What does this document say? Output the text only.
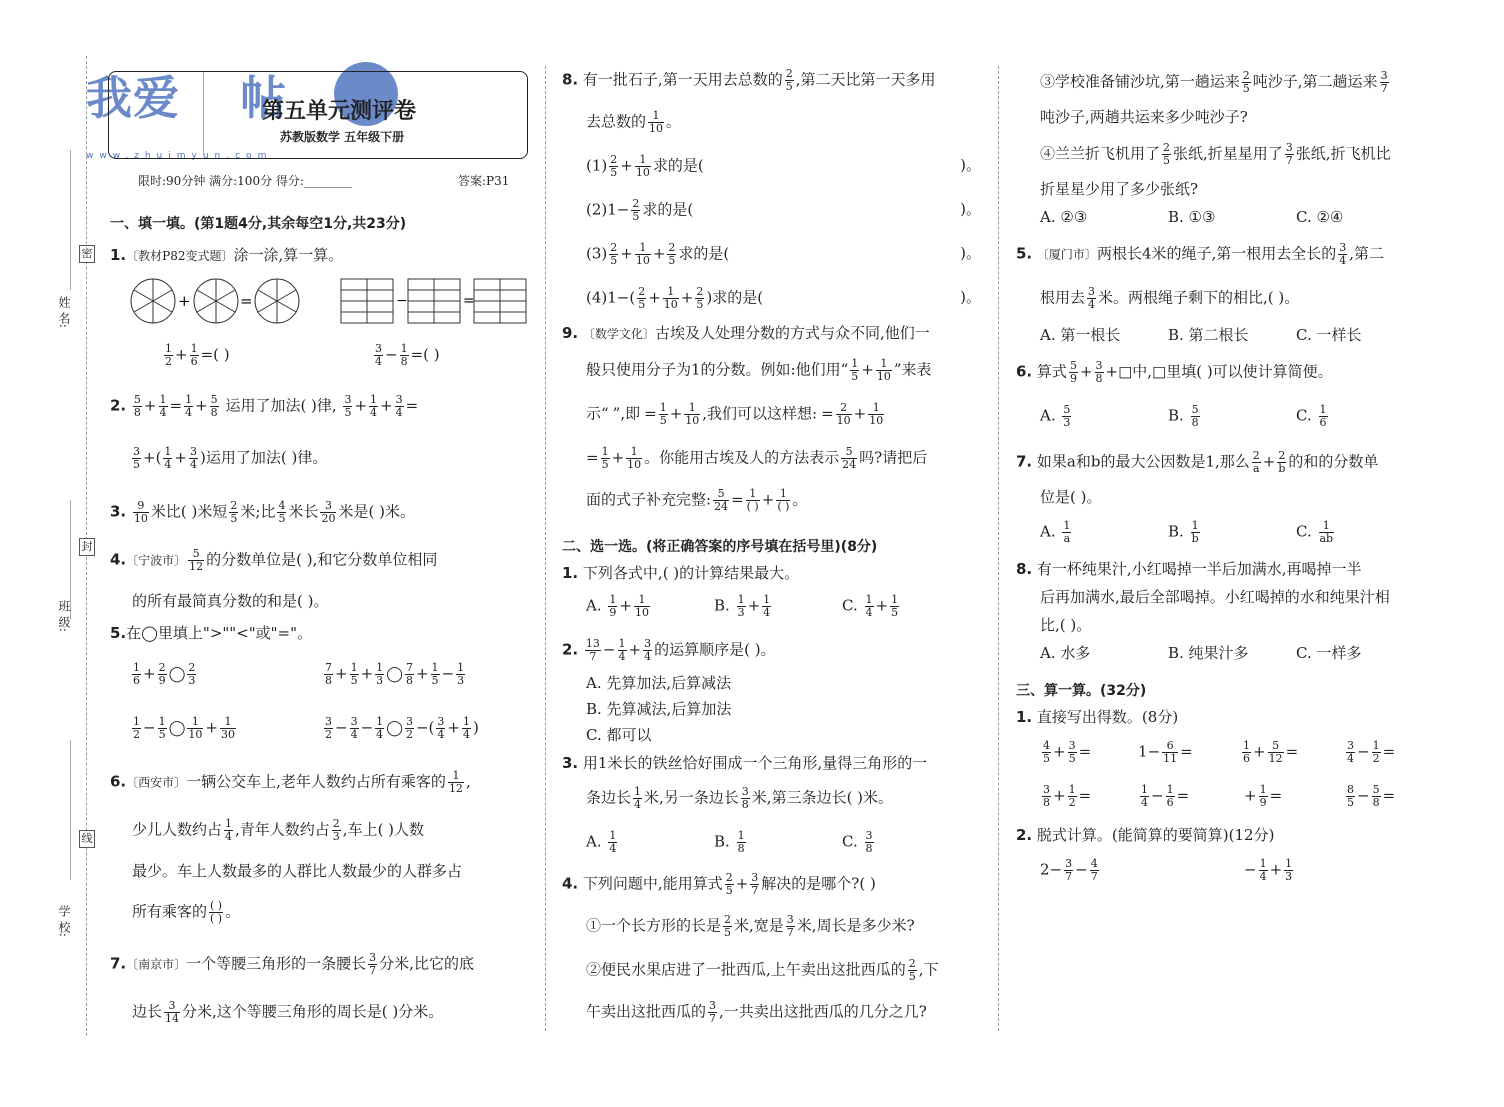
我爱 帖
www.zhuimyun.com
第五单元测评卷
苏教版数学 五年级下册
限时:90分钟 满分:100分 得分:________	答案:P31
姓 名:
班 级:
学 校:
密
封
线
一、填一填。(第1题4分,其余每空1分,共23分)
1.〔教材P82变式题〕涂一涂,算一算。
+	=	−	=
$\frac{1}{2} + \frac{1}{6}$ =( )	$\frac{3}{4} - \frac{1}{8}$ =( )
2. $\frac{5}{8} + \frac{1}{4} = \frac{1}{4} + \frac{5}{8}$ 运用了加法( )律, $\frac{3}{5} + \frac{1}{4} + \frac{3}{4}$ =
$\frac{3}{5}$ +( $\frac{1}{4} + \frac{3}{4}$ )运用了加法( )律。
3. $\frac{9}{10}$ 米比( )米短 $\frac{2}{5}$ 米;比 $\frac{4}{5}$ 米长 $\frac{3}{20}$ 米是( )米。
4.〔宁波市〕 $\frac{5}{12}$ 的分数单位是( ),和它分数单位相同
的所有最简真分数的和是( )。
5.在◯里填上">""<"或"="。
$\frac{1}{6} + \frac{2}{9}$ ◯ $\frac{2}{3}$	$\frac{7}{8} + \frac{1}{5} + \frac{1}{3}$ ◯ $\frac{7}{8} + \frac{1}{5} - \frac{1}{3}$
$\frac{1}{2} - \frac{1}{5}$ ◯ $\frac{1}{10} + \frac{1}{30}$	$\frac{3}{2} - \frac{3}{4} - \frac{1}{4}$ ◯ $\frac{3}{2}$ −( $\frac{3}{4} + \frac{1}{4}$ )
6.〔西安市〕一辆公交车上,老年人数约占所有乘客的 $\frac{1}{12}$ ,
少儿人数约占 $\frac{1}{4}$ ,青年人数约占 $\frac{2}{3}$ ,车上( )人数
最少。车上人数最多的人群比人数最少的人群多占
所有乘客的 ( )
( ) 。
7.〔南京市〕一个等腰三角形的一条腰长 $\frac{3}{7}$ 分米,比它的底
边长 $\frac{3}{14}$ 分米,这个等腰三角形的周长是( )分米。
8. 有一批石子,第一天用去总数的 $\frac{2}{5}$ ,第二天比第一天多用
去总数的 $\frac{1}{10}$ 。
$(1) \frac{2}{5} + \frac{1}{10}$ 求的是(	)。
$(2)1- \frac{2}{5}$ 求的是(	)。
$(3) \frac{2}{5} + \frac{1}{10} + \frac{2}{5}$ 求的是(	)。
$(4)1-( \frac{2}{5} + \frac{1}{10} + \frac{2}{5}$ )求的是(	)。
9. 〔数学文化〕古埃及人处理分数的方式与众不同,他们一
般只使用分子为1的分数。例如:他们用“ $\frac{1}{5} + \frac{1}{10}$ ”来表
示“ ”,即 = $\frac{1}{5} + \frac{1}{10}$ ,我们可以这样想: = $\frac{2}{10} + \frac{1}{10}$
= $\frac{1}{5} + \frac{1}{10}$ 。你能用古埃及人的方法表示 $\frac{5}{24}$ 吗?请把后
面的式子补充完整: $\frac{5}{24} = 1$
( ) + 1
( ) 。
二、选一选。(将正确答案的序号填在括号里)(8分)
1. 下列各式中,( )的计算结果最大。
A. $\frac{1}{9} + \frac{1}{10}$	B. $\frac{1}{3} + \frac{1}{4}$	C. $\frac{1}{4} + \frac{1}{5}$
2. $\frac{13}{7} - \frac{1}{4} + \frac{3}{4}$ 的运算顺序是( )。
A. 先算加法,后算减法
B. 先算减法,后算加法
C. 都可以
3. 用1米长的铁丝恰好围成一个三角形,量得三角形的一
条边长 $\frac{1}{4}$ 米,另一条边长 $\frac{3}{8}$ 米,第三条边长( )米。
A. $\frac{1}{4}$	B. $\frac{1}{8}$	C. $\frac{3}{8}$
4. 下列问题中,能用算式 $\frac{2}{5} + \frac{3}{7}$ 解决的是哪个?( )
①一个长方形的长是 $\frac{2}{5}$ 米,宽是 $\frac{3}{7}$ 米,周长是多少米?
②便民水果店进了一批西瓜,上午卖出这批西瓜的 $\frac{2}{5}$ ,下
午卖出这批西瓜的 $\frac{3}{7}$ ,一共卖出这批西瓜的几分之几?
③学校准备铺沙坑,第一趟运来 $\frac{2}{5}$ 吨沙子,第二趟运来 $\frac{3}{7}$
吨沙子,两趟共运来多少吨沙子?
④兰兰折飞机用了 $\frac{2}{5}$ 张纸,折星星用了 $\frac{3}{7}$ 张纸,折飞机比
折星星少用了多少张纸?
A. ②③	B. ①③	C. ②④
5. 〔厦门市〕两根长4米的绳子,第一根用去全长的 $\frac{3}{4}$ ,第二
根用去 $\frac{3}{4}$ 米。两根绳子剩下的相比,( )。
A. 第一根长	B. 第二根长	C. 一样长
6. 算式 $\frac{5}{9} + \frac{3}{8}$ +□中,□里填( )可以使计算简便。
A. $\frac{5}{3}$	B. $\frac{5}{8}$	C. $\frac{1}{6}$
7. 如果a和b的最大公因数是1,那么 $\frac{2}{a} + \frac{2}{b}$ 的和的分数单
位是( )。
A. $\frac{1}{a}$	B. $\frac{1}{b}$	C. $\frac{1}{ab}$
8. 有一杯纯果汁,小红喝掉一半后加满水,再喝掉一半
后再加满水,最后全部喝掉。小红喝掉的水和纯果汁相
比,( )。
A. 水多	B. 纯果汁多	C. 一样多
三、算一算。(32分)
1. 直接写出得数。(8分)
$\frac{4}{5} + \frac{3}{5}$ =	$1- \frac{6}{11}$ =	$\frac{1}{6} + \frac{5}{12}$ =	$\frac{3}{4} - \frac{1}{2}$ =
$\frac{3}{8} + \frac{1}{2}$ =	$\frac{1}{4} - \frac{1}{6}$ =	+ $\frac{1}{9}$ =	$\frac{8}{5} - \frac{5}{8}$ =
2. 脱式计算。(能简算的要简算)(12分)
$2- \frac{3}{7} - \frac{4}{7}$	− $\frac{1}{4} + \frac{1}{3}$
